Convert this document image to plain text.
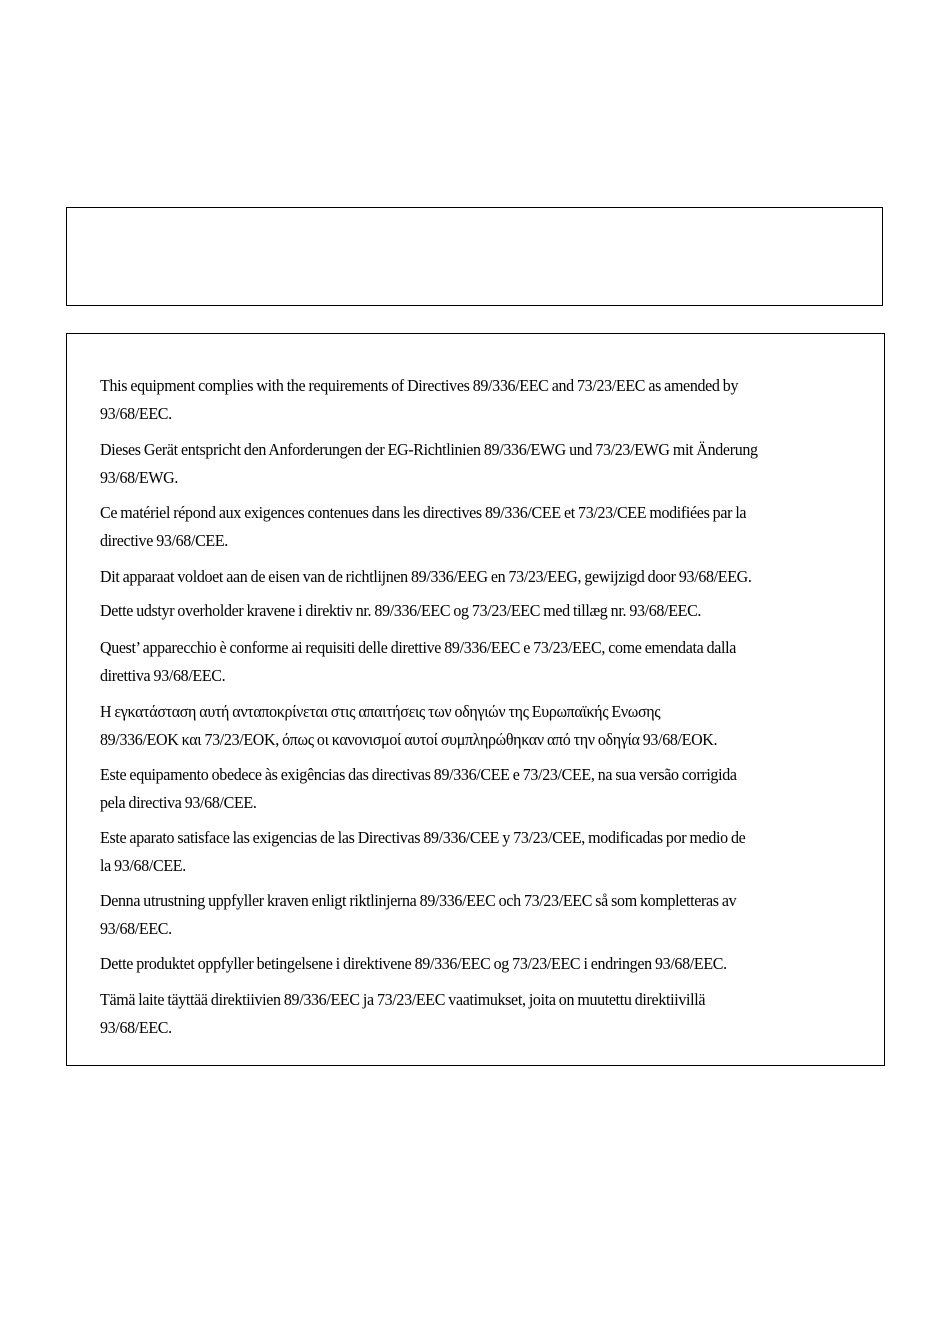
This equipment complies with the requirements of Directives 89/336/EEC and 73/23/EEC as amended by
93/68/EEC.

Dieses Gerät entspricht den Anforderungen der EG-Richtlinien 89/336/EWG und 73/23/EWG mit Änderung
93/68/EWG.

Ce matériel répond aux exigences contenues dans les directives 89/336/CEE et 73/23/CEE modifiées par la
directive 93/68/CEE.

Dit apparaat voldoet aan de eisen van de richtlijnen 89/336/EEG en 73/23/EEG, gewijzigd door 93/68/EEG.

Dette udstyr overholder kravene i direktiv nr. 89/336/EEC og 73/23/EEC med tillæg nr. 93/68/EEC.

Quest’ apparecchio è conforme ai requisiti delle direttive 89/336/EEC e 73/23/EEC, come emendata dalla
direttiva 93/68/EEC.

Η εγκατάσταση αυτή ανταποκρίνεται στις απαιτήσεις των οδηγιών της Ευρωπαϊκής Ενωσης
89/336/EOK και 73/23/EOK, όπως οι κανονισμοί αυτοί συμπληρώθηκαν από την οδηγία 93/68/EOK.

Este equipamento obedece às exigências das directivas 89/336/CEE e 73/23/CEE, na sua versão corrigida
pela directiva 93/68/CEE.

Este aparato satisface las exigencias de las Directivas 89/336/CEE y 73/23/CEE, modificadas por medio de
la 93/68/CEE.

Denna utrustning uppfyller kraven enligt riktlinjerna 89/336/EEC och 73/23/EEC så som kompletteras av
93/68/EEC.

Dette produktet oppfyller betingelsene i direktivene 89/336/EEC og 73/23/EEC i endringen 93/68/EEC.

Tämä laite täyttää direktiivien 89/336/EEC ja 73/23/EEC vaatimukset, joita on muutettu direktiivillä
93/68/EEC.
